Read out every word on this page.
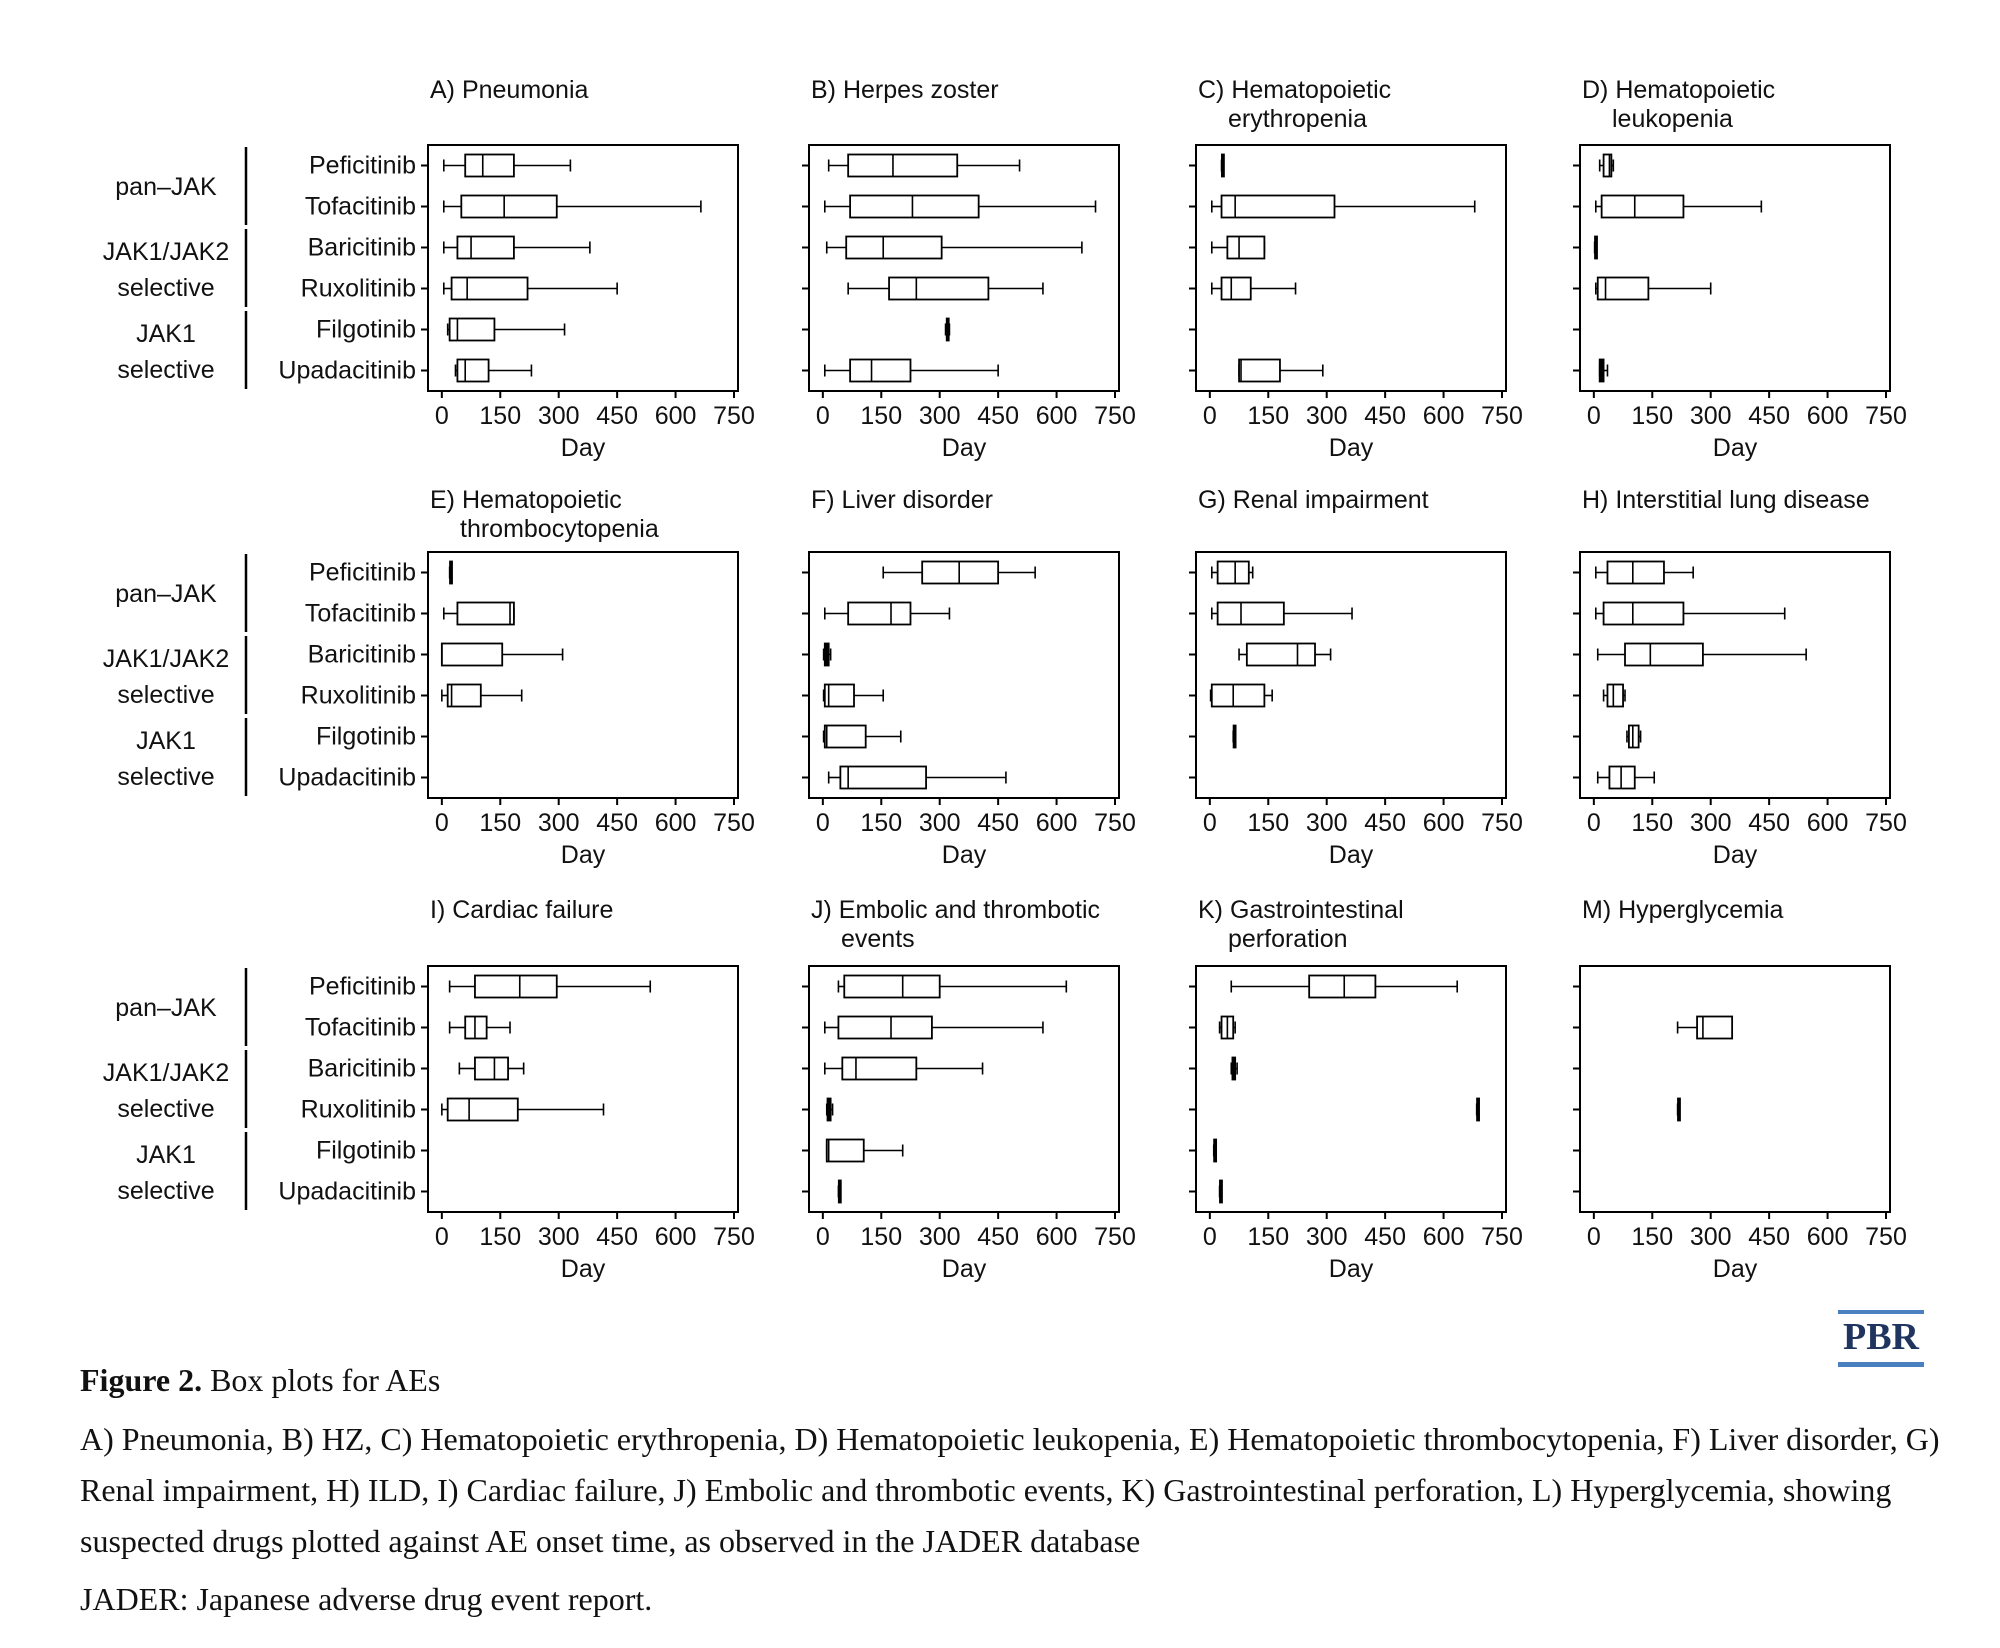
A) Pneumonia
0 150 300 450 600 750
Day
Peficitinib
Tofacitinib
Baricitinib
Ruxolitinib
Filgotinib
Upadacitinib
pan–JAK
JAK1/JAK2
selective
JAK1
selective
B) Herpes zoster
0 150 300 450 600 750
Day
C) Hematopoietic
erythropenia
0 150 300 450 600 750
Day
D) Hematopoietic
leukopenia
0 150 300 450 600 750
Day
E) Hematopoietic
thrombocytopenia
0 150 300 450 600 750
Day
Peficitinib
Tofacitinib
Baricitinib
Ruxolitinib
Filgotinib
Upadacitinib
pan–JAK
JAK1/JAK2
selective
JAK1
selective
F) Liver disorder
0 150 300 450 600 750
Day
G) Renal impairment
0 150 300 450 600 750
Day
H) Interstitial lung disease
0 150 300 450 600 750
Day
I) Cardiac failure
0 150 300 450 600 750
Day
Peficitinib
Tofacitinib
Baricitinib
Ruxolitinib
Filgotinib
Upadacitinib
pan–JAK
JAK1/JAK2
selective
JAK1
selective
J) Embolic and thrombotic
events
0 150 300 450 600 750
Day
K) Gastrointestinal
perforation
0 150 300 450 600 750
Day
M) Hyperglycemia
0 150 300 450 600 750
Day
PBR
Figure 2. Box plots for AEs
A) Pneumonia, B) HZ, C) Hematopoietic erythropenia, D) Hematopoietic leukopenia, E) Hematopoietic thrombocytopenia, F) Liver disorder, G) Renal impairment, H) ILD, I) Cardiac failure, J) Embolic and thrombotic events, K) Gastrointestinal perforation, L) Hyperglycemia, showing suspected drugs plotted against AE onset time, as observed in the JADER database
JADER: Japanese adverse drug event report.
